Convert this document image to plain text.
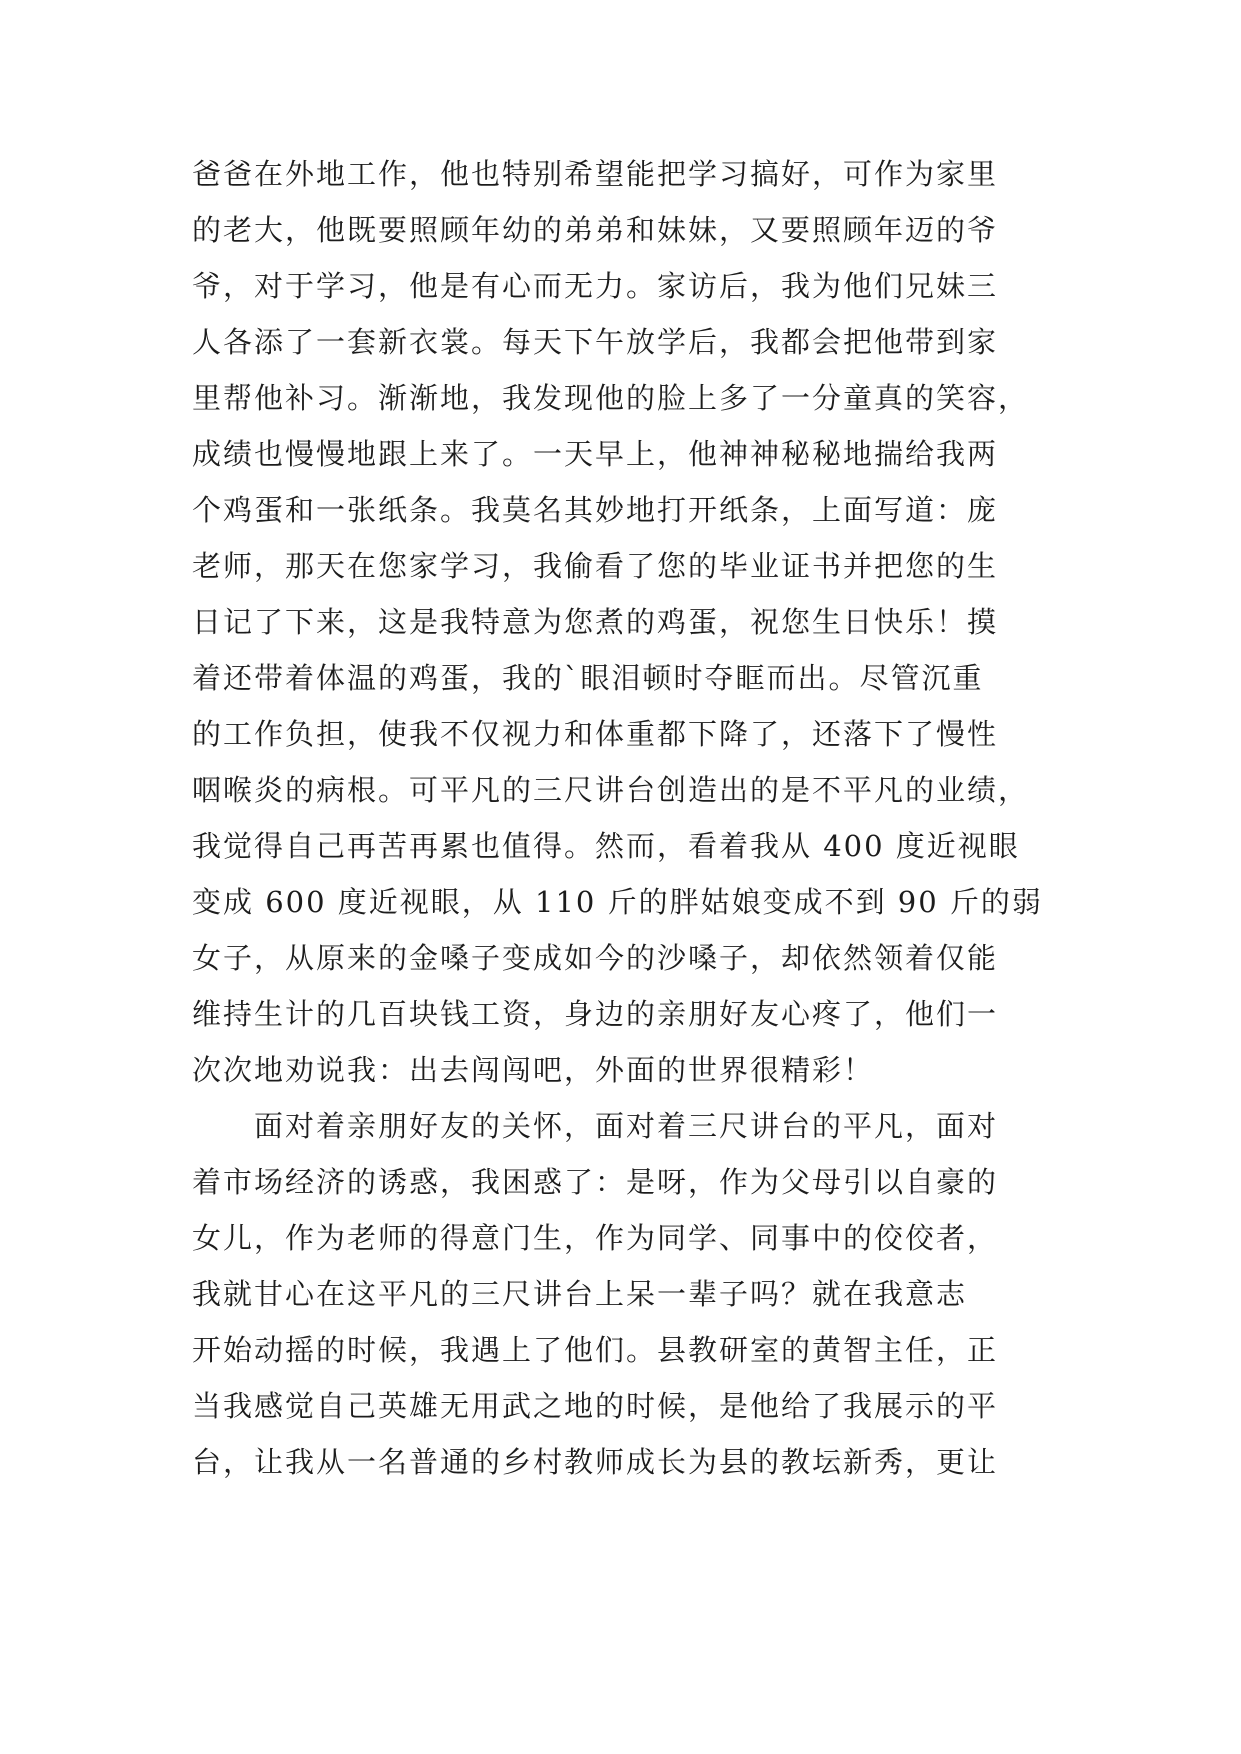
爸爸在外地工作，他也特别希望能把学习搞好，可作为家里
的老大，他既要照顾年幼的弟弟和妹妹，又要照顾年迈的爷
爷，对于学习，他是有心而无力。家访后，我为他们兄妹三
人各添了一套新衣裳。每天下午放学后，我都会把他带到家
里帮他补习。渐渐地，我发现他的脸上多了一分童真的笑容，
成绩也慢慢地跟上来了。一天早上，他神神秘秘地揣给我两
个鸡蛋和一张纸条。我莫名其妙地打开纸条，上面写道：庞
老师，那天在您家学习，我偷看了您的毕业证书并把您的生
日记了下来，这是我特意为您煮的鸡蛋，祝您生日快乐！摸
着还带着体温的鸡蛋，我的`眼泪顿时夺眶而出。尽管沉重
的工作负担，使我不仅视力和体重都下降了，还落下了慢性
咽喉炎的病根。可平凡的三尺讲台创造出的是不平凡的业绩，
我觉得自己再苦再累也值得。然而，看着我从 400 度近视眼
变成 600 度近视眼，从 110 斤的胖姑娘变成不到 90 斤的弱
女子，从原来的金嗓子变成如今的沙嗓子，却依然领着仅能
维持生计的几百块钱工资，身边的亲朋好友心疼了，他们一
次次地劝说我：出去闯闯吧，外面的世界很精彩！
面对着亲朋好友的关怀，面对着三尺讲台的平凡，面对
着市场经济的诱惑，我困惑了：是呀，作为父母引以自豪的
女儿，作为老师的得意门生，作为同学、同事中的佼佼者，
我就甘心在这平凡的三尺讲台上呆一辈子吗？就在我意志
开始动摇的时候，我遇上了他们。县教研室的黄智主任，正
当我感觉自己英雄无用武之地的时候，是他给了我展示的平
台，让我从一名普通的乡村教师成长为县的教坛新秀，更让
